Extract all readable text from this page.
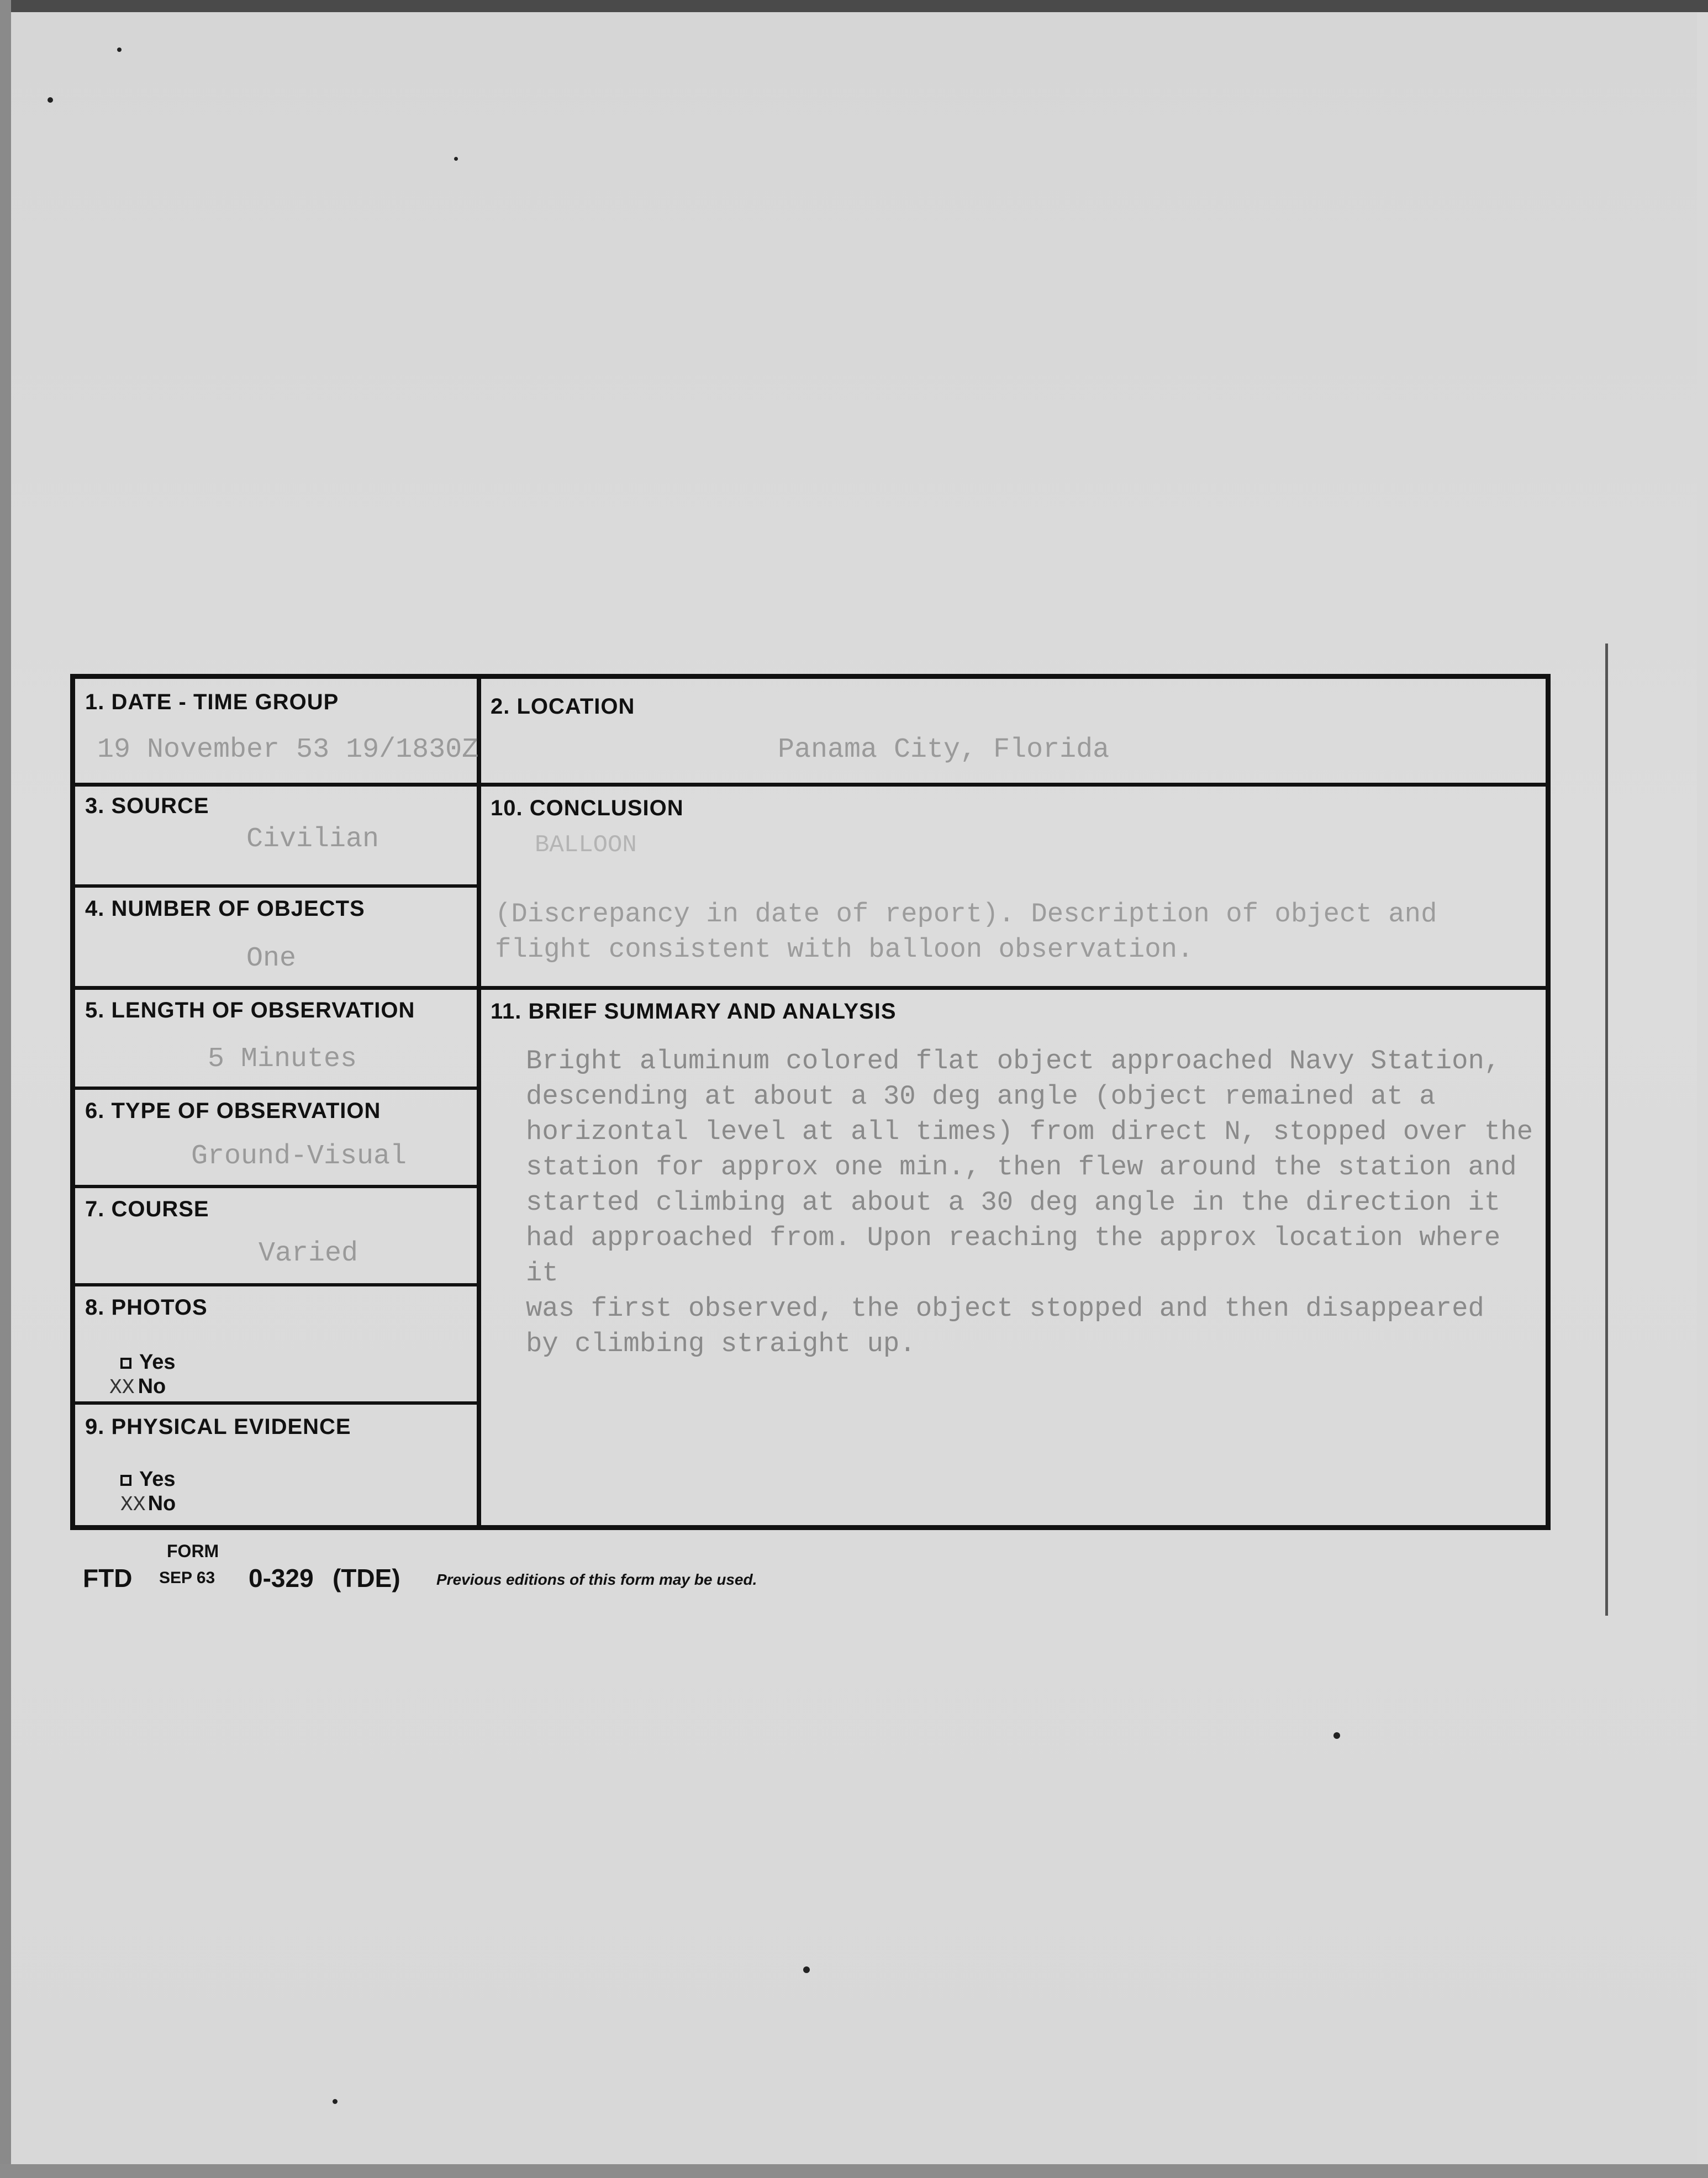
1. DATE - TIME GROUP
19 November 53 19/1830Z
2. LOCATION
Panama City, Florida
3. SOURCE
Civilian
4. NUMBER OF OBJECTS
One
5. LENGTH OF OBSERVATION
5 Minutes
6. TYPE OF OBSERVATION
Ground-Visual
7. COURSE
Varied
8. PHOTOS
Yes
XX No
9. PHYSICAL EVIDENCE
Yes
XX No
10. CONCLUSION
BALLOON
(Discrepancy in date of report). Description of object and
flight consistent with balloon observation.
11. BRIEF SUMMARY AND ANALYSIS
Bright aluminum colored flat object approached Navy Station,
descending at about a 30 deg angle (object remained at a
horizontal level at all times) from direct N, stopped over the
station for approx one min., then flew around the station and
started climbing at about a 30 deg angle in the direction it
had approached from. Upon reaching the approx location where it
was first observed, the object stopped and then disappeared
by climbing straight up.
FORM
FTD SEP 63 0-329 (TDE) Previous editions of this form may be used.
